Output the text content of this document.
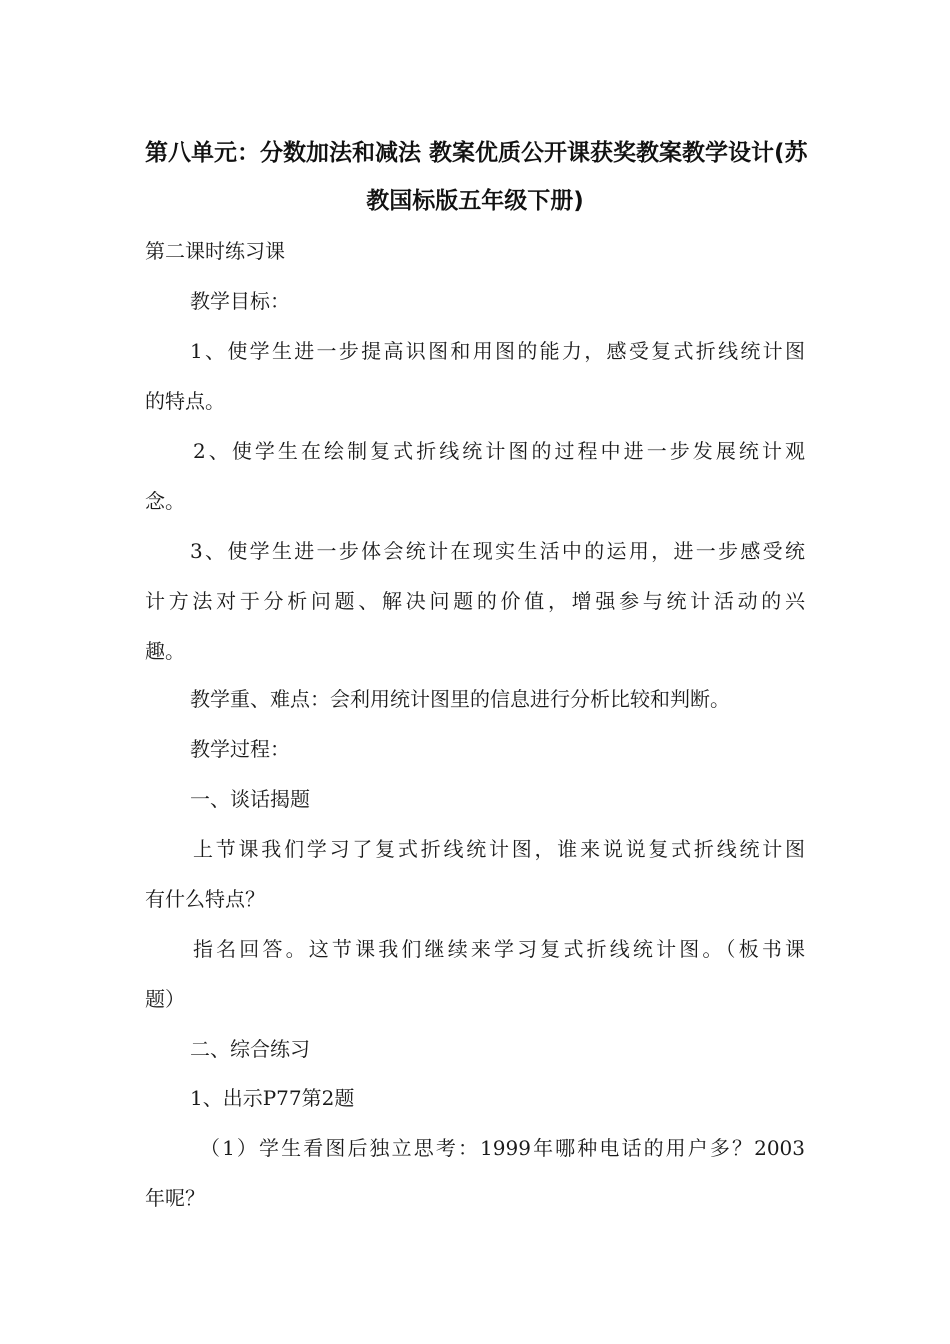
第八单元：分数加法和减法 教案优质公开课获奖教案教学设计(苏
教国标版五年级下册)
第二课时练习课
教学目标：
1、使学生进一步提高识图和用图的能力，感受复式折线统计图
的特点。
2、使学生在绘制复式折线统计图的过程中进一步发展统计观
念。
3、使学生进一步体会统计在现实生活中的运用，进一步感受统
计方法对于分析问题、解决问题的价值，增强参与统计活动的兴
趣。
教学重、难点：会利用统计图里的信息进行分析比较和判断。
教学过程：
一、谈话揭题
上节课我们学习了复式折线统计图，谁来说说复式折线统计图
有什么特点？
指名回答。这节课我们继续来学习复式折线统计图。（板书课
题）
二、综合练习
1、出示P77第2题
（1）学生看图后独立思考：1999年哪种电话的用户多？2003
年呢？
